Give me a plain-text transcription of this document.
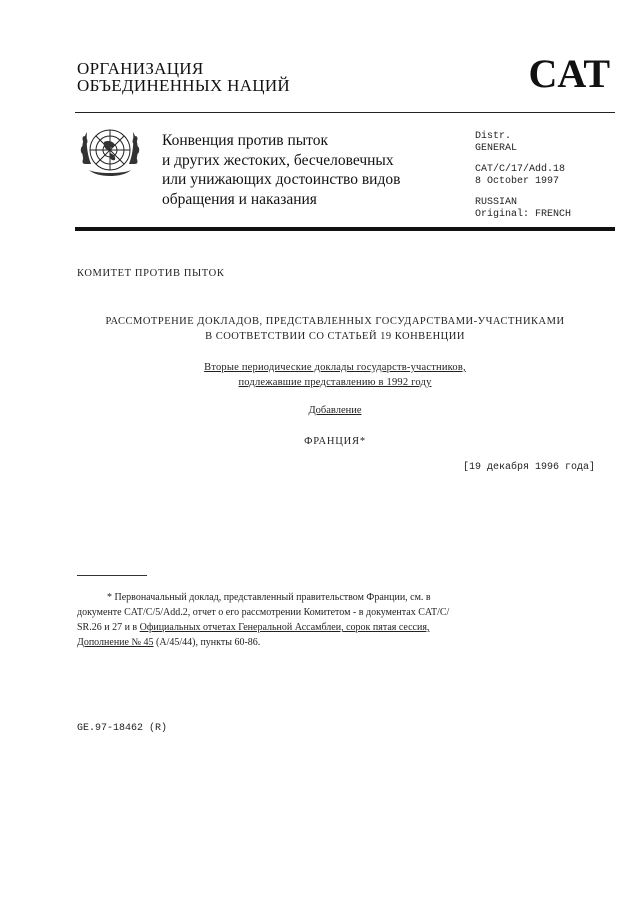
ОРГАНИЗАЦИЯ
ОБЪЕДИНЕННЫХ НАЦИЙ	CAT
Конвенция против пыток
и других жестоких, бесчеловечных
или унижающих достоинство видов
обращения и наказания
Distr.
GENERAL
CAT/C/17/Add.18
8 October 1997
RUSSIAN
Original: FRENCH
КОМИТЕТ ПРОТИВ ПЫТОК
РАССМОТРЕНИЕ ДОКЛАДОВ, ПРЕДСТАВЛЕННЫХ ГОСУДАРСТВАМИ-УЧАСТНИКАМИ
В СООТВЕТСТВИИ СО СТАТЬЕЙ 19 КОНВЕНЦИИ
Вторые периодические доклады государств-участников,
подлежавшие представлению в 1992 году
Добавление
ФРАНЦИЯ*
[19 декабря 1996 года]
* Первоначальный доклад, представленный правительством Франции, см. в
документе CAT/C/5/Add.2, отчет о его рассмотрении Комитетом - в документах CAT/C/
SR.26 и 27 и в Официальных отчетах Генеральной Ассамблеи, сорок пятая сессия,
Дополнение № 45 (A/45/44), пункты 60-86.
GE.97-18462 (R)
